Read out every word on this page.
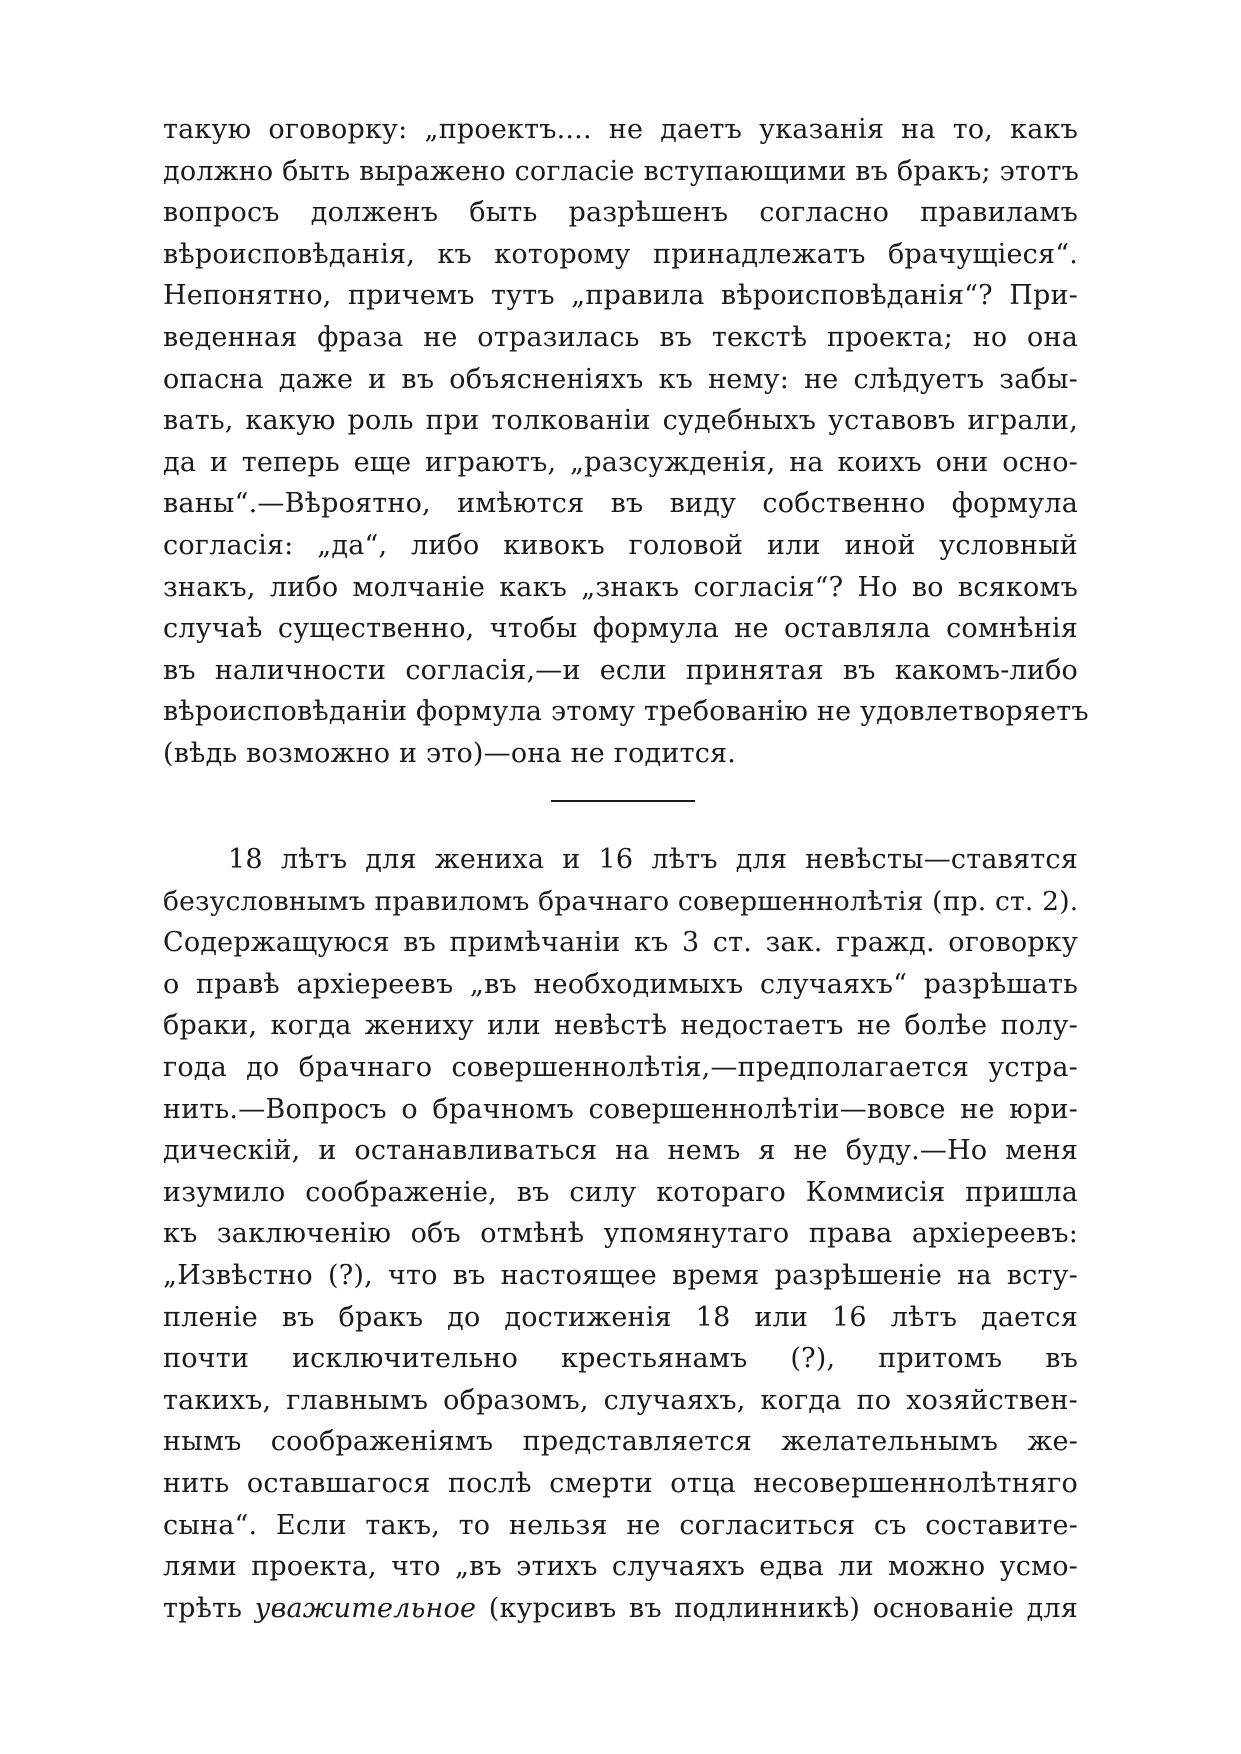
такую оговорку: „проектъ.... не даетъ указанія на то, какъ
должно быть выражено согласіе вступающими въ бракъ; этотъ
вопросъ долженъ быть разрѣшенъ согласно правиламъ
вѣроисповѣданія, къ которому принадлежатъ брачущіеся“.
Непонятно, причемъ тутъ „правила вѣроисповѣданія“? При-
веденная фраза не отразилась въ текстѣ проекта; но она
опасна даже и въ объясненіяхъ къ нему: не слѣдуетъ забы-
вать, какую роль при толкованіи судебныхъ уставовъ играли,
да и теперь еще играютъ, „разсужденія, на коихъ они осно-
ваны“.—Вѣроятно, имѣются въ виду собственно формула
согласія: „да“, либо кивокъ головой или иной условный
знакъ, либо молчаніе какъ „знакъ согласія“? Но во всякомъ
случаѣ существенно, чтобы формула не оставляла сомнѣнія
въ наличности согласія,—и если принятая въ какомъ-либо
вѣроисповѣданіи формула этому требованію не удовлетворяетъ
(вѣдь возможно и это)—она не годится.
18 лѣтъ для жениха и 16 лѣтъ для невѣсты—ставятся
безусловнымъ правиломъ брачнаго совершеннолѣтія (пр. ст. 2).
Содержащуюся въ примѣчаніи къ 3 ст. зак. гражд. оговорку
о правѣ архіереевъ „въ необходимыхъ случаяхъ“ разрѣшать
браки, когда жениху или невѣстѣ недостаетъ не болѣе полу-
года до брачнаго совершеннолѣтія,—предполагается устра-
нить.—Вопросъ о брачномъ совершеннолѣтіи—вовсе не юри-
дическій, и останавливаться на немъ я не буду.—Но меня
изумило соображеніе, въ силу котораго Коммисія пришла
къ заключенію объ отмѣнѣ упомянутаго права архіереевъ:
„Извѣстно (?), что въ настоящее время разрѣшеніе на всту-
пленіе въ бракъ до достиженія 18 или 16 лѣтъ дается
почти исключительно крестьянамъ (?), притомъ въ
такихъ, главнымъ образомъ, случаяхъ, когда по хозяйствен-
нымъ соображеніямъ представляется желательнымъ же-
нить оставшагося послѣ смерти отца несовершеннолѣтняго
сына“. Если такъ, то нельзя не согласиться съ составите-
лями проекта, что „въ этихъ случаяхъ едва ли можно усмо-
трѣть уважительное (курсивъ въ подлинникѣ) основаніе для
